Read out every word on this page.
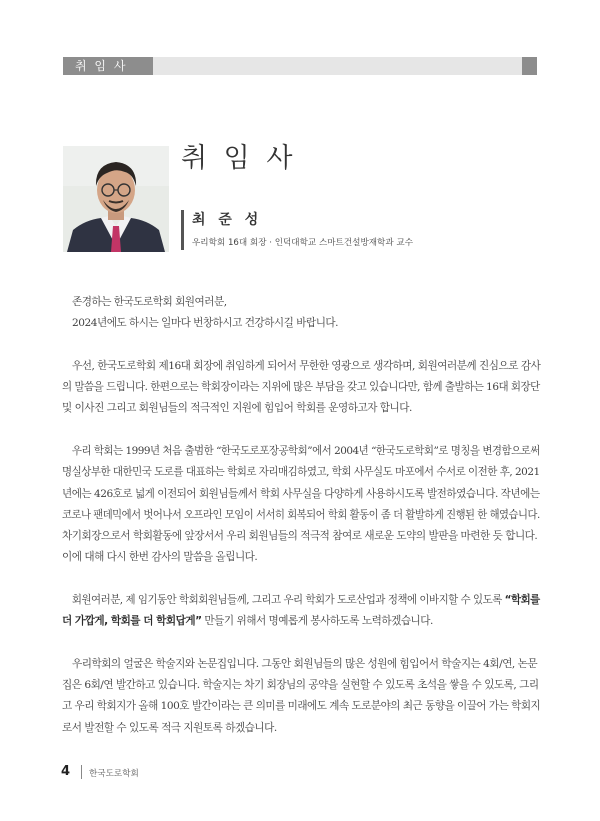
취 임 사
취 임 사
최 준 성
우리학회 16대 회장 · 인덕대학교 스마트건설방재학과 교수

존경하는 한국도로학회 회원여러분,
2024년에도 하시는 일마다 번창하시고 건강하시길 바랍니다.

우선, 한국도로학회 제16대 회장에 취임하게 되어서 무한한 영광으로 생각하며, 회원여러분께 진심으로 감사
의 말씀을 드립니다. 한편으로는 학회장이라는 지위에 많은 부담을 갖고 있습니다만, 함께 출발하는 16대 회장단
및 이사진 그리고 회원님들의 적극적인 지원에 힘입어 학회를 운영하고자 합니다.

우리 학회는 1999년 처음 출범한 “한국도로포장공학회”에서 2004년 “한국도로학회”로 명칭을 변경함으로써
명실상부한 대한민국 도로를 대표하는 학회로 자리매김하였고, 학회 사무실도 마포에서 수서로 이전한 후, 2021
년에는 426호로 넓게 이전되어 회원님들께서 학회 사무실을 다양하게 사용하시도록 발전하였습니다. 작년에는
코로나 팬데믹에서 벗어나서 오프라인 모임이 서서히 회복되어 학회 활동이 좀 더 활발하게 진행된 한 해였습니다.
차기회장으로서 학회활동에 앞장서서 우리 회원님들의 적극적 참여로 새로운 도약의 발판을 마련한 듯 합니다.
이에 대해 다시 한번 감사의 말씀을 올립니다.

회원여러분, 제 임기동안 학회회원님들께, 그리고 우리 학회가 도로산업과 정책에 이바지할 수 있도록 “학회를
더 가깝게, 학회를 더 학회답게” 만들기 위해서 명예롭게 봉사하도록 노력하겠습니다.

우리학회의 얼굴은 학술지와 논문집입니다. 그동안 회원님들의 많은 성원에 힘입어서 학술지는 4회/연, 논문
집은 6회/연 발간하고 있습니다. 학술지는 차기 회장님의 공약을 실현할 수 있도록 초석을 쌓을 수 있도록, 그리
고 우리 학회지가 올해 100호 발간이라는 큰 의미를 미래에도 계속 도로분야의 최근 동향을 이끌어 가는 학회지
로서 발전할 수 있도록 적극 지원토록 하겠습니다.

4 한국도로학회
